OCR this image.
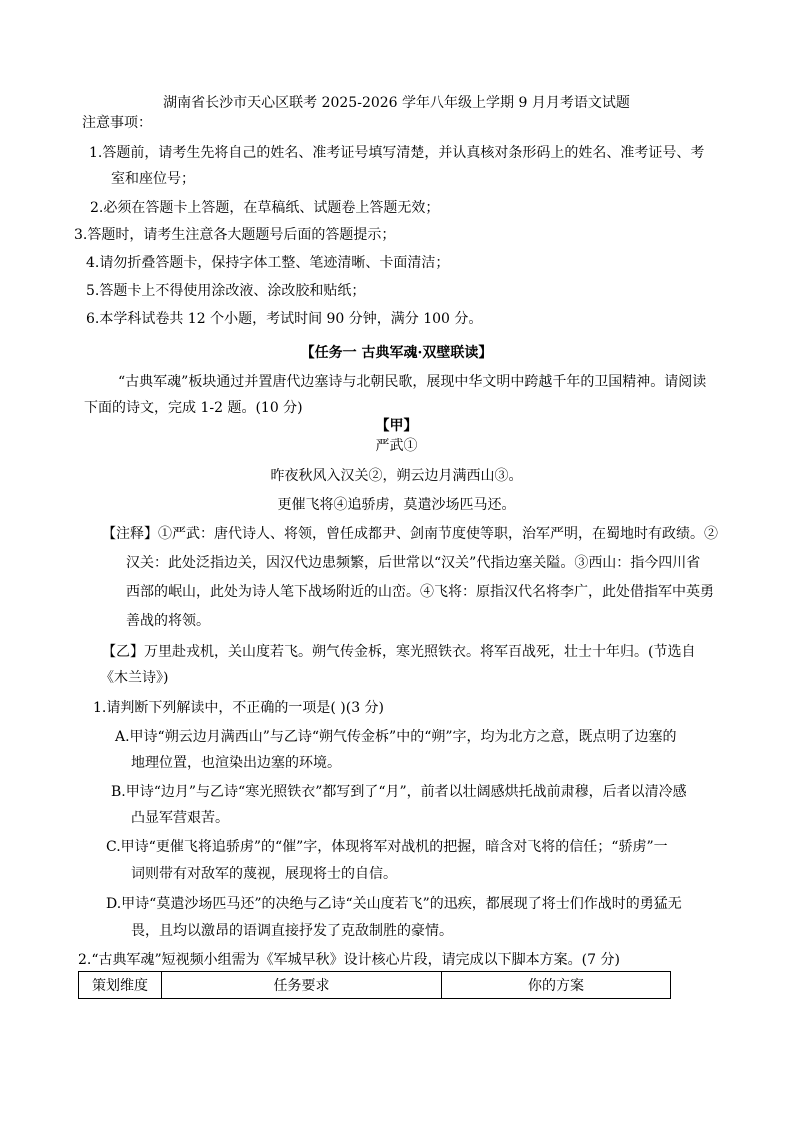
湖南省长沙市天心区联考 2025-2026 学年八年级上学期 9 月月考语文试题
注意事项：
1.答题前，请考生先将自己的姓名、准考证号填写清楚，并认真核对条形码上的姓名、准考证号、考
室和座位号；
2.必须在答题卡上答题，在草稿纸、试题卷上答题无效；
3.答题时，请考生注意各大题题号后面的答题提示；
4.请勿折叠答题卡，保持字体工整、笔迹清晰、卡面清洁；
5.答题卡上不得使用涂改液、涂改胶和贴纸；
6.本学科试卷共 12 个小题，考试时间 90 分钟，满分 100 分。
【任务一 古典军魂·双壁联读】
“古典军魂”板块通过并置唐代边塞诗与北朝民歌，展现中华文明中跨越千年的卫国精神。请阅读
下面的诗文，完成 1-2 题。(10 分)
【甲】
严武①
昨夜秋风入汉关②，朔云边月满西山③。
更催飞将④追骄虏，莫遣沙场匹马还。
【注释】①严武：唐代诗人、将领，曾任成都尹、剑南节度使等职，治军严明，在蜀地时有政绩。②
汉关：此处泛指边关，因汉代边患频繁，后世常以“汉关”代指边塞关隘。③西山：指今四川省
西部的岷山，此处为诗人笔下战场附近的山峦。④飞将：原指汉代名将李广，此处借指军中英勇
善战的将领。
【乙】万里赴戎机，关山度若飞。朔气传金柝，寒光照铁衣。将军百战死，壮士十年归。(节选自
《木兰诗》)
1.请判断下列解读中，不正确的一项是( )(3 分)
A.甲诗“朔云边月满西山”与乙诗“朔气传金柝”中的“朔”字，均为北方之意，既点明了边塞的
地理位置，也渲染出边塞的环境。
B.甲诗“边月”与乙诗“寒光照铁衣”都写到了“月”，前者以壮阔感烘托战前肃穆，后者以清冷感
凸显军营艰苦。
C.甲诗“更催飞将追骄虏”的“催”字，体现将军对战机的把握，暗含对飞将的信任；“骄虏”一
词则带有对敌军的蔑视，展现将士的自信。
D.甲诗“莫遣沙场匹马还”的决绝与乙诗“关山度若飞”的迅疾，都展现了将士们作战时的勇猛无
畏，且均以激昂的语调直接抒发了克敌制胜的豪情。
2.“古典军魂”短视频小组需为《军城早秋》设计核心片段，请完成以下脚本方案。(7 分)
策划维度	任务要求	你的方案
